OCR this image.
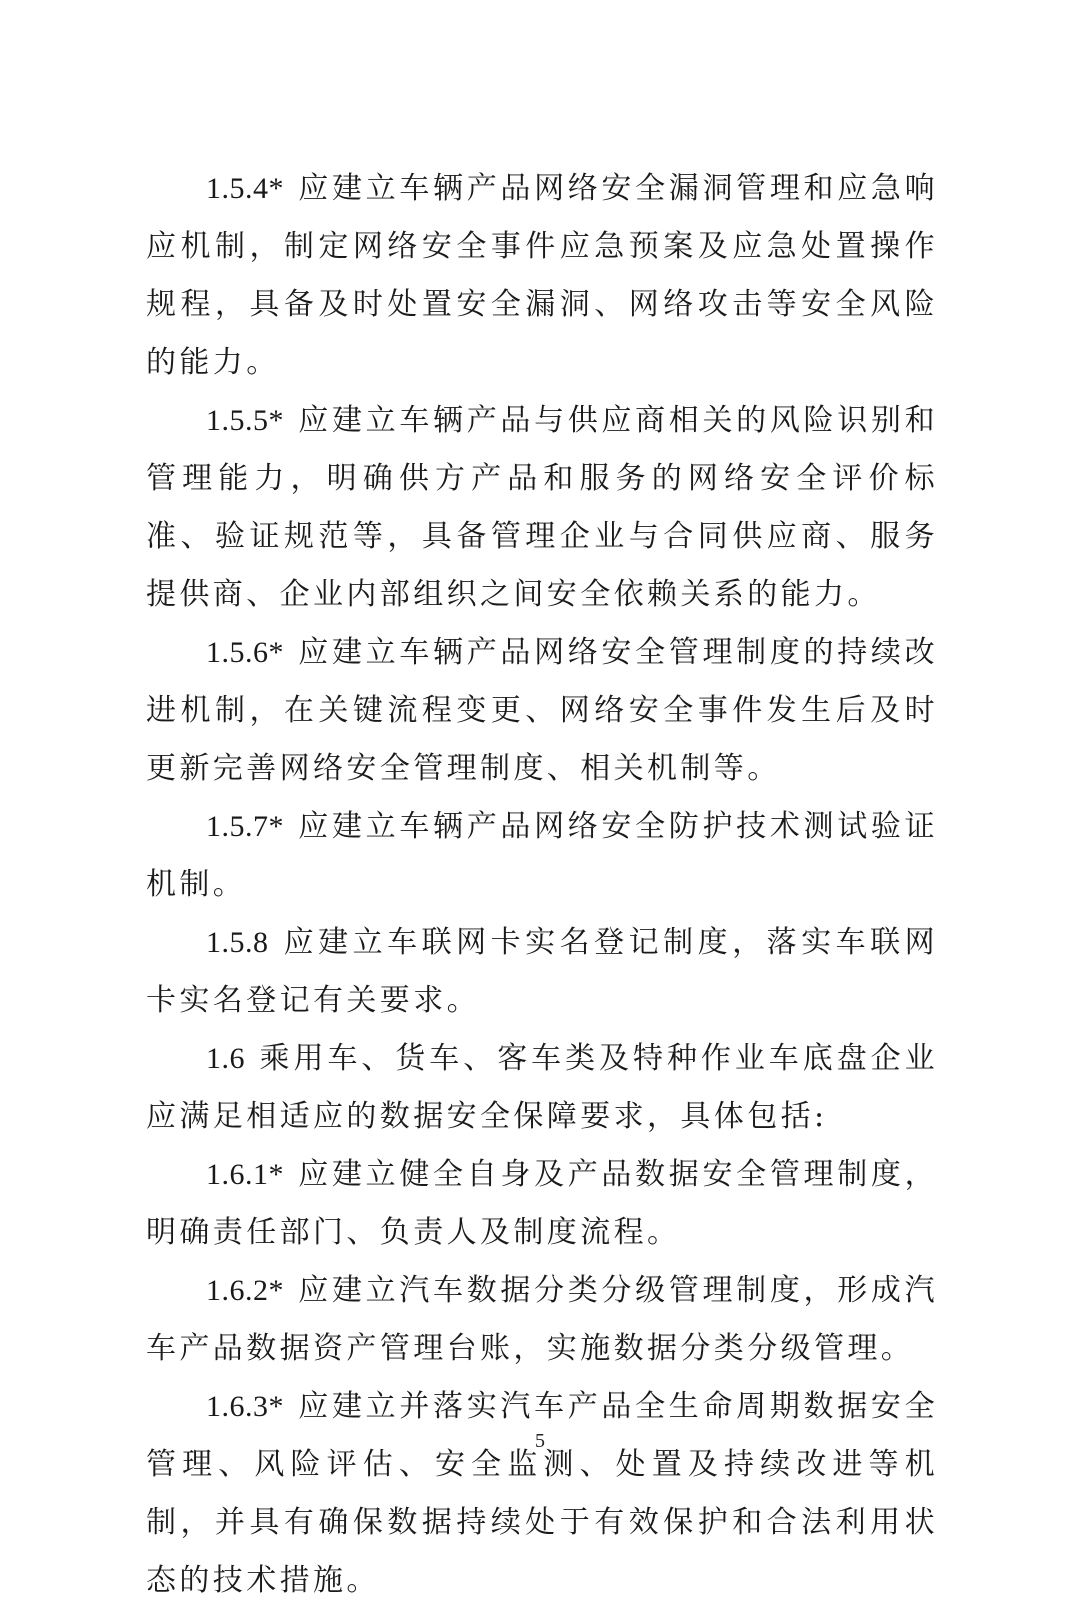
1.5.4* 应建立车辆产品网络安全漏洞管理和应急响应机制，制定网络安全事件应急预案及应急处置操作规程，具备及时处置安全漏洞、网络攻击等安全风险的能力。

1.5.5* 应建立车辆产品与供应商相关的风险识别和管理能力，明确供方产品和服务的网络安全评价标准、验证规范等，具备管理企业与合同供应商、服务提供商、企业内部组织之间安全依赖关系的能力。

1.5.6* 应建立车辆产品网络安全管理制度的持续改进机制，在关键流程变更、网络安全事件发生后及时更新完善网络安全管理制度、相关机制等。

1.5.7* 应建立车辆产品网络安全防护技术测试验证机制。

1.5.8 应建立车联网卡实名登记制度，落实车联网卡实名登记有关要求。

1.6 乘用车、货车、客车类及特种作业车底盘企业应满足相适应的数据安全保障要求，具体包括:

1.6.1* 应建立健全自身及产品数据安全管理制度，明确责任部门、负责人及制度流程。

1.6.2* 应建立汽车数据分类分级管理制度，形成汽车产品数据资产管理台账，实施数据分类分级管理。

1.6.3* 应建立并落实汽车产品全生命周期数据安全管理、风险评估、安全监测、处置及持续改进等机制，并具有确保数据持续处于有效保护和合法利用状态的技术措施。

5
